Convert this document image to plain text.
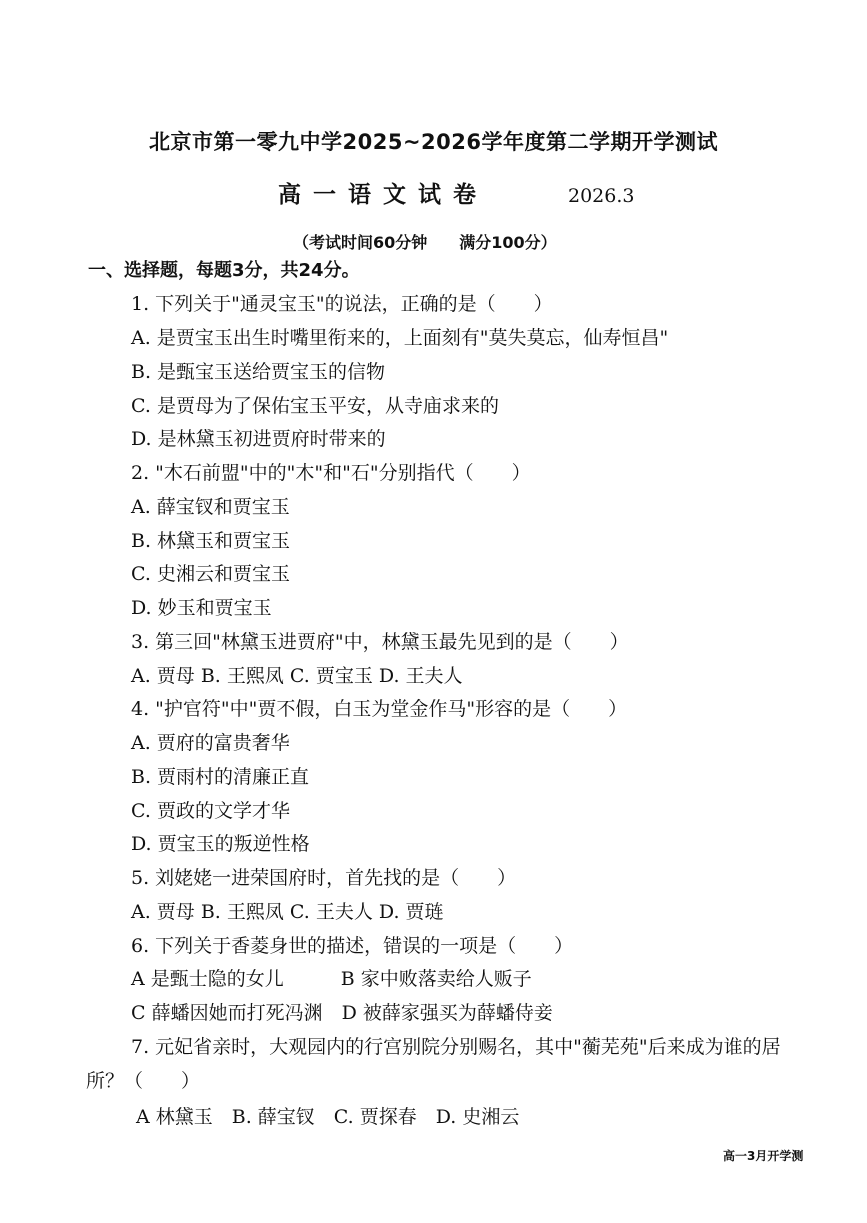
北京市第一零九中学2025~2026学年度第二学期开学测试
高一语文试卷	2026.3
（考试时间60分钟　　满分100分）
一、选择题，每题3分，共24分。
1. 下列关于"通灵宝玉"的说法，正确的是（　　）
A. 是贾宝玉出生时嘴里衔来的，上面刻有"莫失莫忘，仙寿恒昌"
B. 是甄宝玉送给贾宝玉的信物
C. 是贾母为了保佑宝玉平安，从寺庙求来的
D. 是林黛玉初进贾府时带来的
2. "木石前盟"中的"木"和"石"分别指代（　　）
A. 薛宝钗和贾宝玉
B. 林黛玉和贾宝玉
C. 史湘云和贾宝玉
D. 妙玉和贾宝玉
3. 第三回"林黛玉进贾府"中，林黛玉最先见到的是（　　）
A. 贾母 B. 王熙凤 C. 贾宝玉 D. 王夫人
4. "护官符"中"贾不假，白玉为堂金作马"形容的是（　　）
A. 贾府的富贵奢华
B. 贾雨村的清廉正直
C. 贾政的文学才华
D. 贾宝玉的叛逆性格
5. 刘姥姥一进荣国府时，首先找的是（　　）
A. 贾母 B. 王熙凤 C. 王夫人 D. 贾琏
6. 下列关于香菱身世的描述，错误的一项是（　　）
A 是甄士隐的女儿　　　B 家中败落卖给人贩子
C 薛蟠因她而打死冯渊　D 被薛家强买为薛蟠侍妾
7. 元妃省亲时，大观园内的行宫别院分别赐名，其中"蘅芜苑"后来成为谁的居
所？（　　）
A 林黛玉　B. 薛宝钗　C. 贾探春　D. 史湘云
高一3月开学测
